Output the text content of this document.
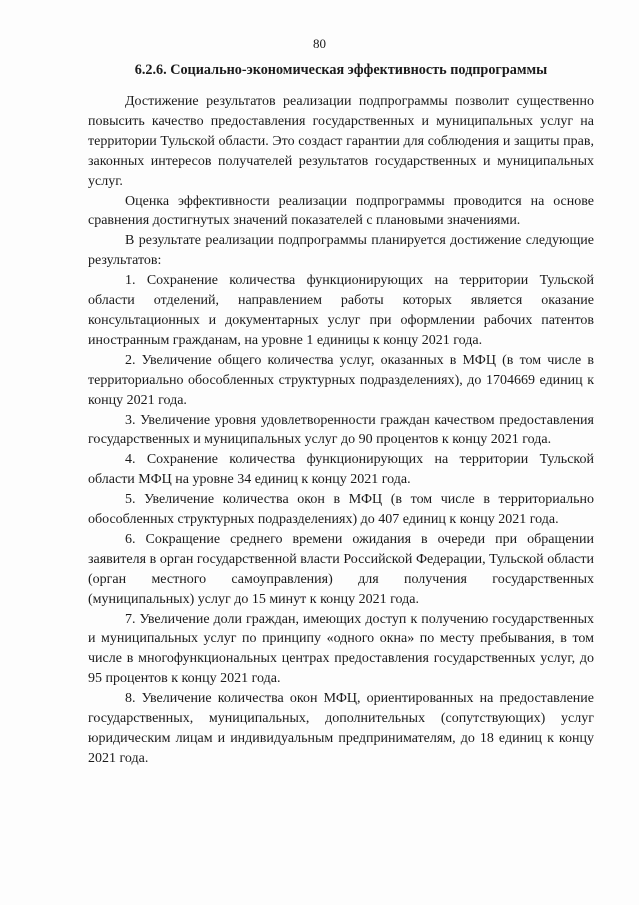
80
6.2.6. Социально-экономическая эффективность подпрограммы

Достижение результатов реализации подпрограммы позволит существенно повысить качество предоставления государственных и муниципальных услуг на территории Тульской области. Это создаст гарантии для соблюдения и защиты прав, законных интересов получателей результатов государственных и муниципальных услуг.

Оценка эффективности реализации подпрограммы проводится на основе сравнения достигнутых значений показателей с плановыми значениями.

В результате реализации подпрограммы планируется достижение следующие результатов:

1. Сохранение количества функционирующих на территории Тульской области отделений, направлением работы которых является оказание консультационных и документарных услуг при оформлении рабочих патентов иностранным гражданам, на уровне 1 единицы к концу 2021 года.

2. Увеличение общего количества услуг, оказанных в МФЦ (в том числе в территориально обособленных структурных подразделениях), до 1704669 единиц к концу 2021 года.

3. Увеличение уровня удовлетворенности граждан качеством предоставления государственных и муниципальных услуг до 90 процентов к концу 2021 года.

4. Сохранение количества функционирующих на территории Тульской области МФЦ на уровне 34 единиц к концу 2021 года.

5. Увеличение количества окон в МФЦ (в том числе в территориально обособленных структурных подразделениях) до 407 единиц к концу 2021 года.

6. Сокращение среднего времени ожидания в очереди при обращении заявителя в орган государственной власти Российской Федерации, Тульской области (орган местного самоуправления) для получения государственных (муниципальных) услуг до 15 минут к концу 2021 года.

7. Увеличение доли граждан, имеющих доступ к получению государственных и муниципальных услуг по принципу «одного окна» по месту пребывания, в том числе в многофункциональных центрах предоставления государственных услуг, до 95 процентов к концу 2021 года.

8. Увеличение количества окон МФЦ, ориентированных на предоставление государственных, муниципальных, дополнительных (сопутствующих) услуг юридическим лицам и индивидуальным предпринимателям, до 18 единиц к концу 2021 года.
